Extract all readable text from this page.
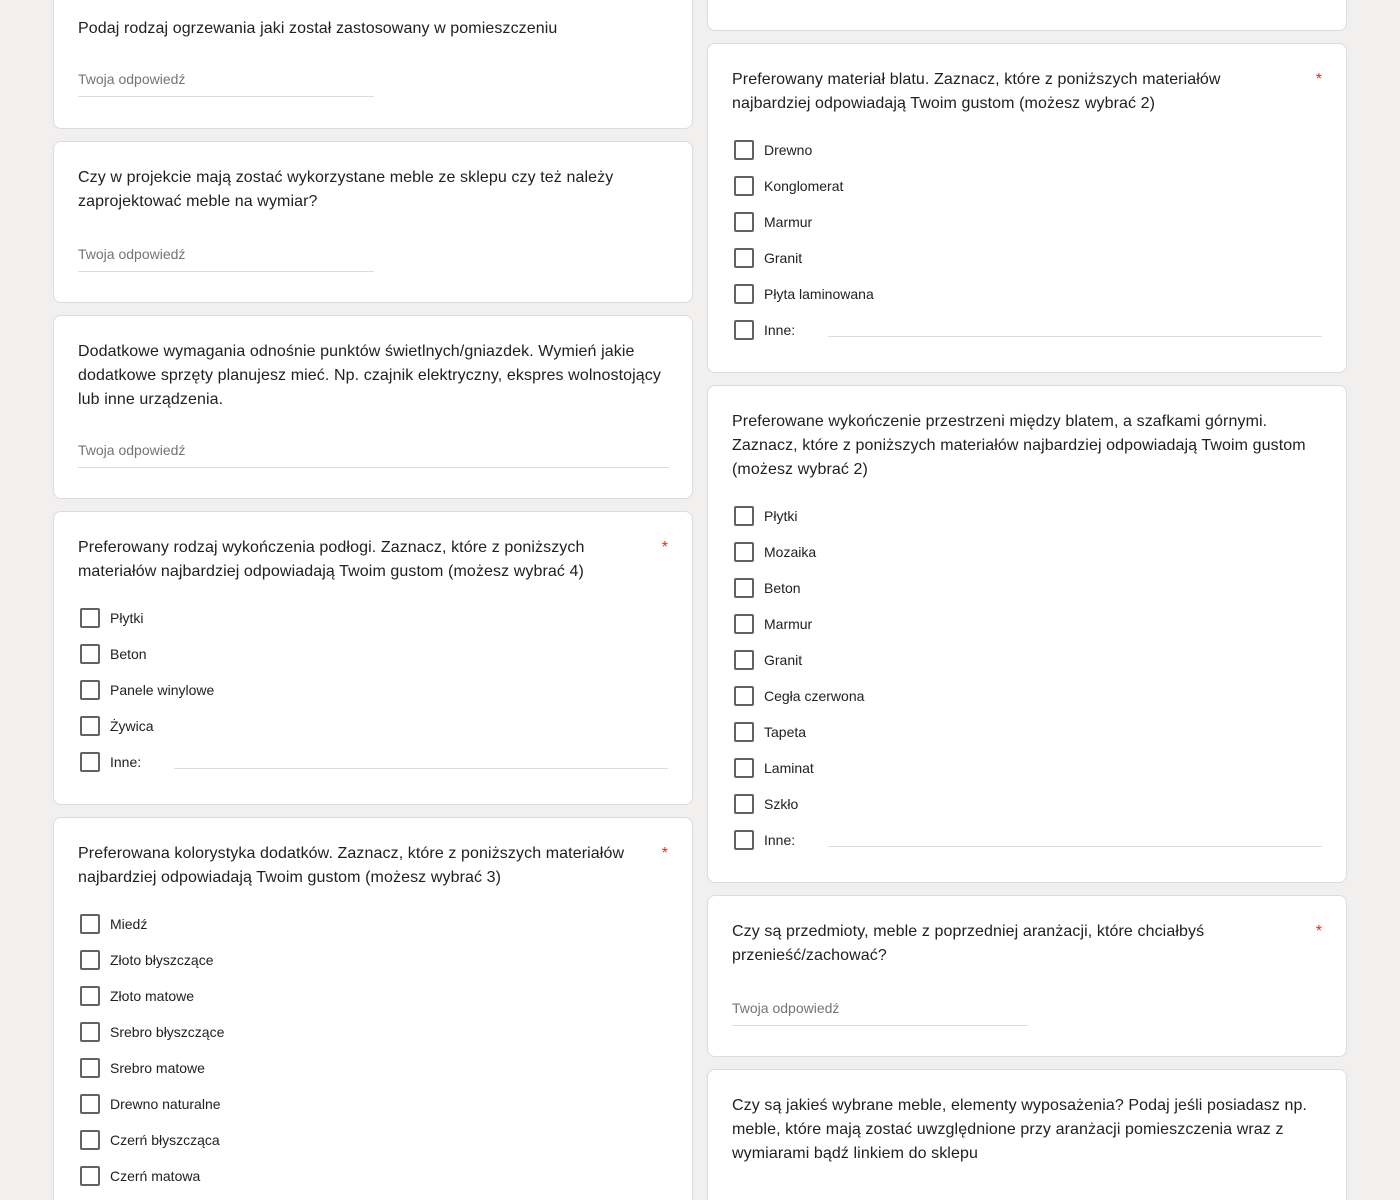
Podaj rodzaj ogrzewania jaki został zastosowany w pomieszczeniu
Twoja odpowiedź
Czy w projekcie mają zostać wykorzystane meble ze sklepu czy też należy zaprojektować meble na wymiar?
Twoja odpowiedź
Dodatkowe wymagania odnośnie punktów świetlnych/gniazdek. Wymień jakie dodatkowe sprzęty planujesz mieć. Np. czajnik elektryczny, ekspres wolnostojący lub inne urządzenia.
Twoja odpowiedź
Preferowany rodzaj wykończenia podłogi. Zaznacz, które z poniższych materiałów najbardziej odpowiadają Twoim gustom (możesz wybrać 4)
*
Płytki
Beton
Panele winylowe
Żywica
Inne:
Preferowana kolorystyka dodatków. Zaznacz, które z poniższych materiałów najbardziej odpowiadają Twoim gustom (możesz wybrać 3)
*
Miedź
Złoto błyszczące
Złoto matowe
Srebro błyszczące
Srebro matowe
Drewno naturalne
Czerń błyszcząca
Czerń matowa
Preferowany materiał blatu. Zaznacz, które z poniższych materiałów najbardziej odpowiadają Twoim gustom (możesz wybrać 2)
*
Drewno
Konglomerat
Marmur
Granit
Płyta laminowana
Inne:
Preferowane wykończenie przestrzeni między blatem, a szafkami górnymi. Zaznacz, które z poniższych materiałów najbardziej odpowiadają Twoim gustom (możesz wybrać 2)
Płytki
Mozaika
Beton
Marmur
Granit
Cegła czerwona
Tapeta
Laminat
Szkło
Inne:
Czy są przedmioty, meble z poprzedniej aranżacji, które chciałbyś przenieść/zachować?
*
Twoja odpowiedź
Czy są jakieś wybrane meble, elementy wyposażenia? Podaj jeśli posiadasz np. meble, które mają zostać uwzględnione przy aranżacji pomieszczenia wraz z wymiarami bądź linkiem do sklepu
